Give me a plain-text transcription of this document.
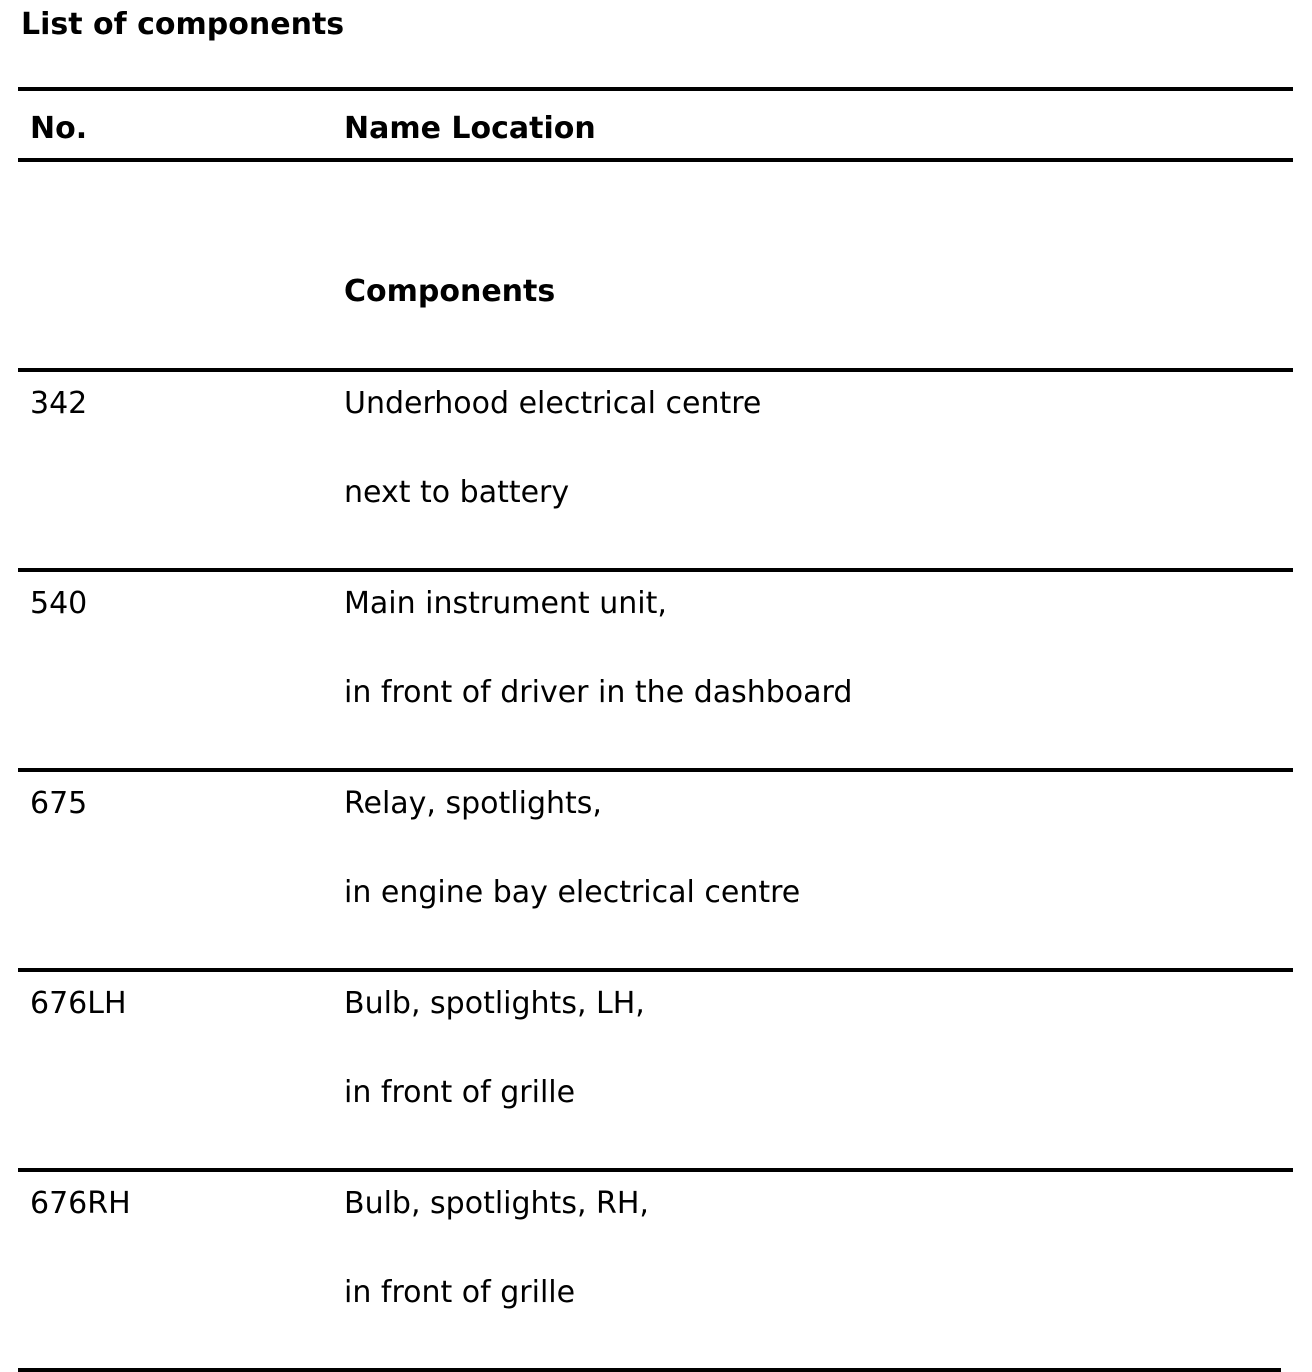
List of components
No.	Name Location
Components
342	Underhood electrical centre
next to battery
540	Main instrument unit,
in front of driver in the dashboard
675	Relay, spotlights,
in engine bay electrical centre
676LH	Bulb, spotlights, LH,
in front of grille
676RH	Bulb, spotlights, RH,
in front of grille
